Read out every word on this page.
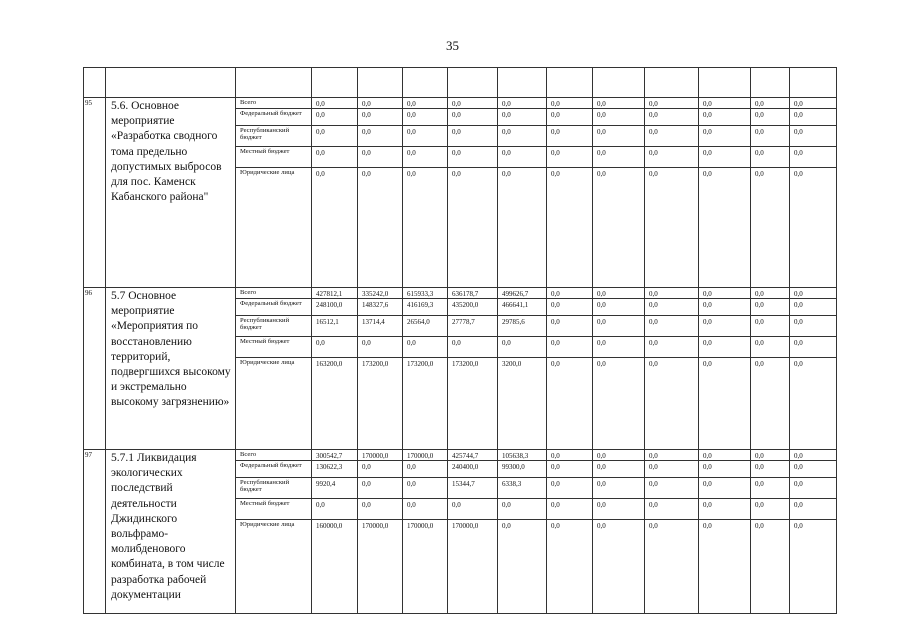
35

95	5.6. Основное мероприятие «Разработка сводного тома предельно допустимых выбросов для пос. Каменск Кабанского района"	Всего	0,0	0,0	0,0	0,0	0,0	0,0	0,0	0,0	0,0	0,0	0,0
		Федеральный бюджет	0,0	0,0	0,0	0,0	0,0	0,0	0,0	0,0	0,0	0,0	0,0
		Республиканский бюджет	0,0	0,0	0,0	0,0	0,0	0,0	0,0	0,0	0,0	0,0	0,0
		Местный бюджет	0,0	0,0	0,0	0,0	0,0	0,0	0,0	0,0	0,0	0,0	0,0
		Юридические лица	0,0	0,0	0,0	0,0	0,0	0,0	0,0	0,0	0,0	0,0	0,0
96	5.7 Основное мероприятие «Мероприятия по восстановлению территорий, подвергшихся высокому и экстремально высокому загрязнению»	Всего	427812,1	335242,0	615933,3	636178,7	499626,7	0,0	0,0	0,0	0,0	0,0	0,0
		Федеральный бюджет	248100,0	148327,6	416169,3	435200,0	466641,1	0,0	0,0	0,0	0,0	0,0	0,0
		Республиканский бюджет	16512,1	13714,4	26564,0	27778,7	29785,6	0,0	0,0	0,0	0,0	0,0	0,0
		Местный бюджет	0,0	0,0	0,0	0,0	0,0	0,0	0,0	0,0	0,0	0,0	0,0
		Юридические лица	163200,0	173200,0	173200,0	173200,0	3200,0	0,0	0,0	0,0	0,0	0,0	0,0
97	5.7.1 Ликвидация экологических последствий деятельности Джидинского вольфрамо-молибденового комбината, в том числе разработка рабочей документации	Всего	300542,7	170000,0	170000,0	425744,7	105638,3	0,0	0,0	0,0	0,0	0,0	0,0
		Федеральный бюджет	130622,3	0,0	0,0	240400,0	99300,0	0,0	0,0	0,0	0,0	0,0	0,0
		Республиканский бюджет	9920,4	0,0	0,0	15344,7	6338,3	0,0	0,0	0,0	0,0	0,0	0,0
		Местный бюджет	0,0	0,0	0,0	0,0	0,0	0,0	0,0	0,0	0,0	0,0	0,0
		Юридические лица	160000,0	170000,0	170000,0	170000,0	0,0	0,0	0,0	0,0	0,0	0,0	0,0
